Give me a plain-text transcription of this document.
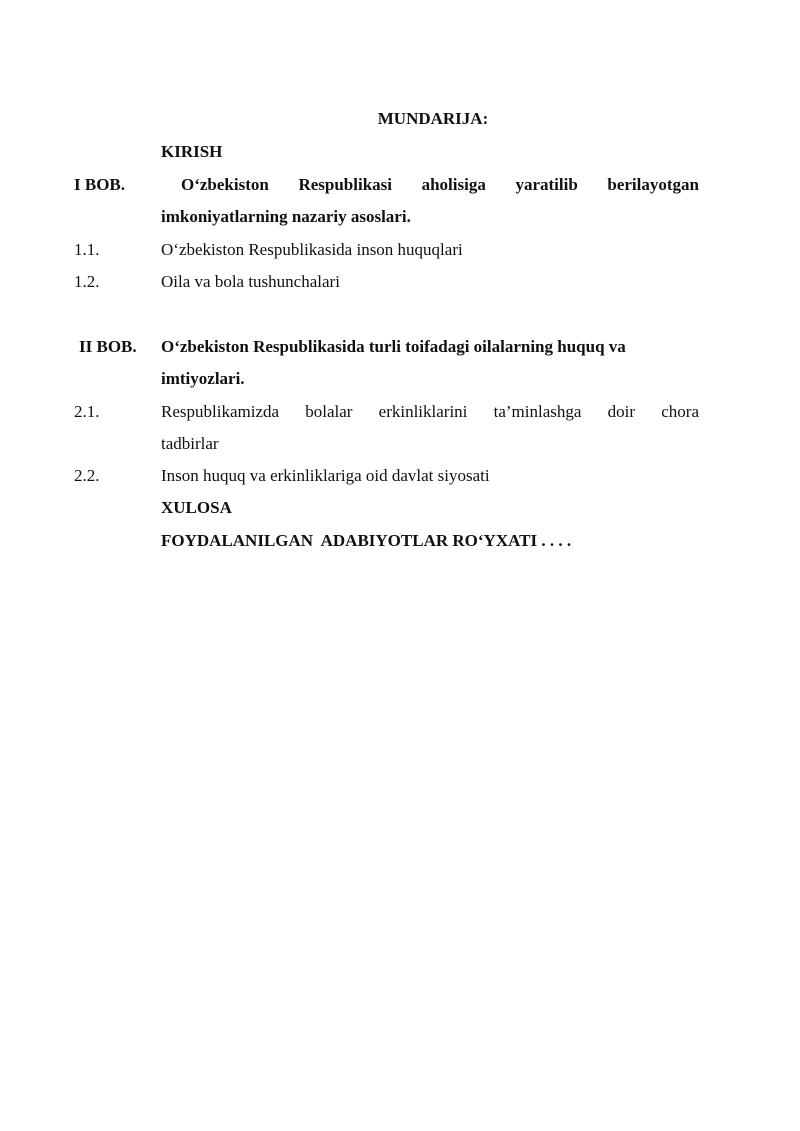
MUNDARIJA:
KIRISH
I BOB.	O‘zbekiston Respublikasi aholisiga yaratilib berilayotgan
imkoniyatlarning nazariy asoslari.
1.1.	O‘zbekiston Respublikasida inson huquqlari
1.2.	Oila va bola tushunchalari
II BOB. O‘zbekiston Respublikasida turli toifadagi oilalarning huquq va
imtiyozlari.
2.1.	Respublikamizda bolalar erkinliklarini ta’minlashga doir chora
tadbirlar
2.2.	Inson huquq va erkinliklariga oid davlat siyosati
XULOSA
FOYDALANILGAN  ADABIYOTLAR RO‘YXATI . . . .
